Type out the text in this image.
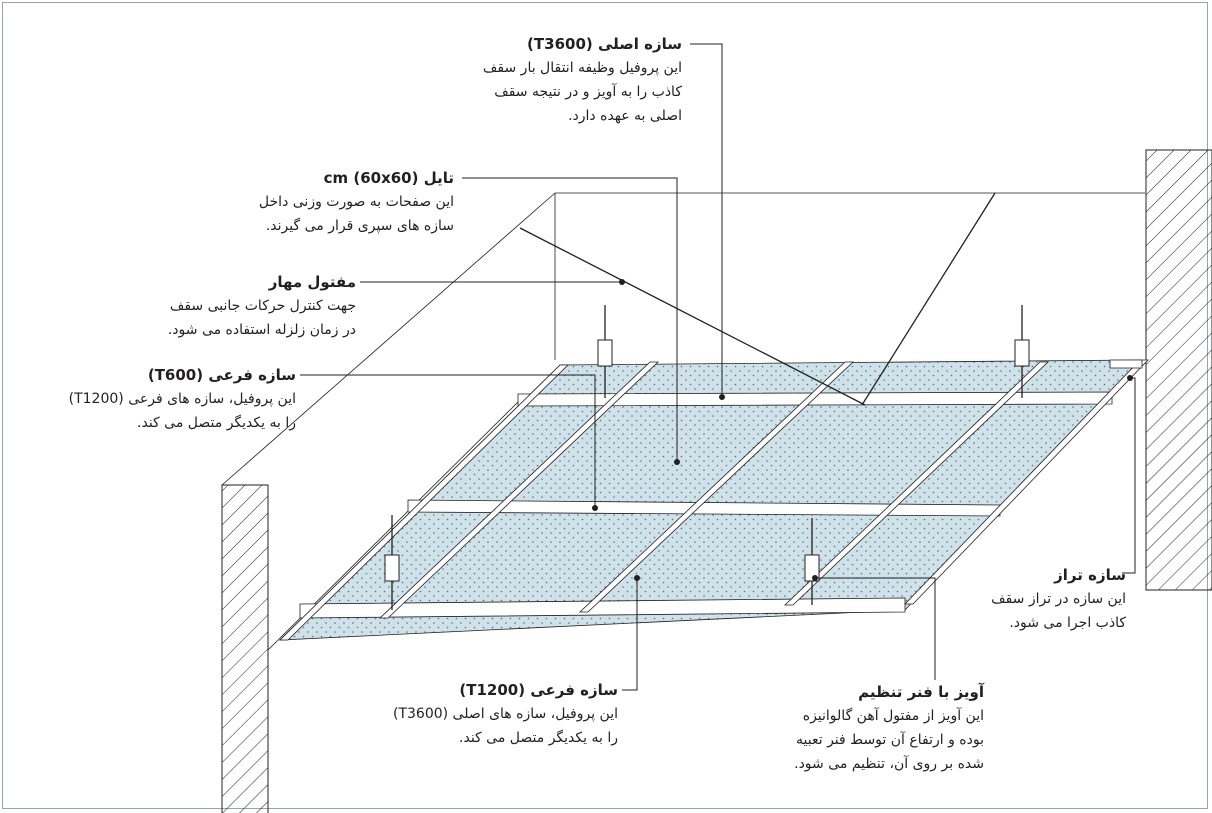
سازه اصلی (T3600)
این پروفیل وظیفه انتقال بار سقف
کاذب را به آویز و در نتیجه سقف
اصلی به عهده دارد.
تایل cm (60x60)
این صفحات به صورت وزنی داخل
سازه های سپری قرار می گیرند.
مفتول مهار
جهت کنترل حرکات جانبی سقف
در زمان زلزله استفاده می شود.
سازه فرعی (T600)
این پروفیل، سازه های فرعی (T1200)
را به یکدیگر متصل می کند.
سازه تراز
این سازه در تراز سقف
کاذب اجرا می شود.
سازه فرعی (T1200)
این پروفیل، سازه های اصلی (T3600)
را به یکدیگر متصل می کند.
آویز با فنر تنظیم
این آویز از مفتول آهن گالوانیزه
بوده و ارتفاع آن توسط فنر تعبیه
شده بر روی آن، تنظیم می شود.
